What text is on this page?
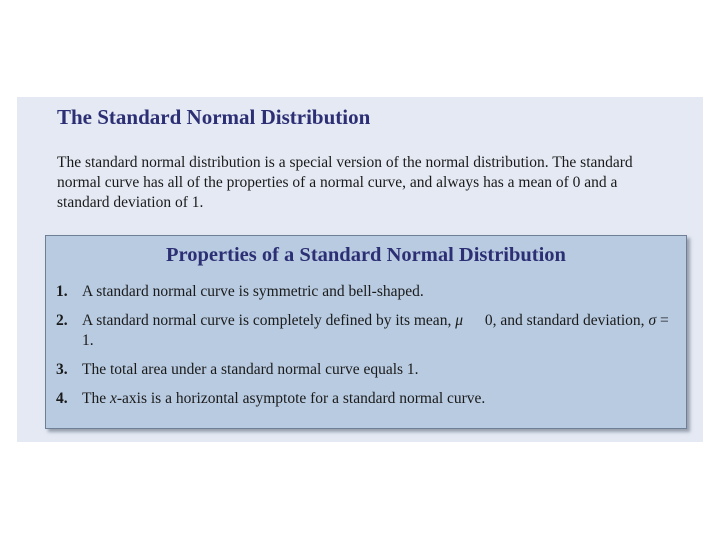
The Standard Normal Distribution

The standard normal distribution is a special version of the normal distribution. The standard normal curve has all of the properties of a normal curve, and always has a mean of 0 and a standard deviation of 1.

Properties of a Standard Normal Distribution
1. A standard normal curve is symmetric and bell-shaped.
2. A standard normal curve is completely defined by its mean, μ 0, and standard deviation, σ = 1.
3. The total area under a standard normal curve equals 1.
4. The x-axis is a horizontal asymptote for a standard normal curve.
